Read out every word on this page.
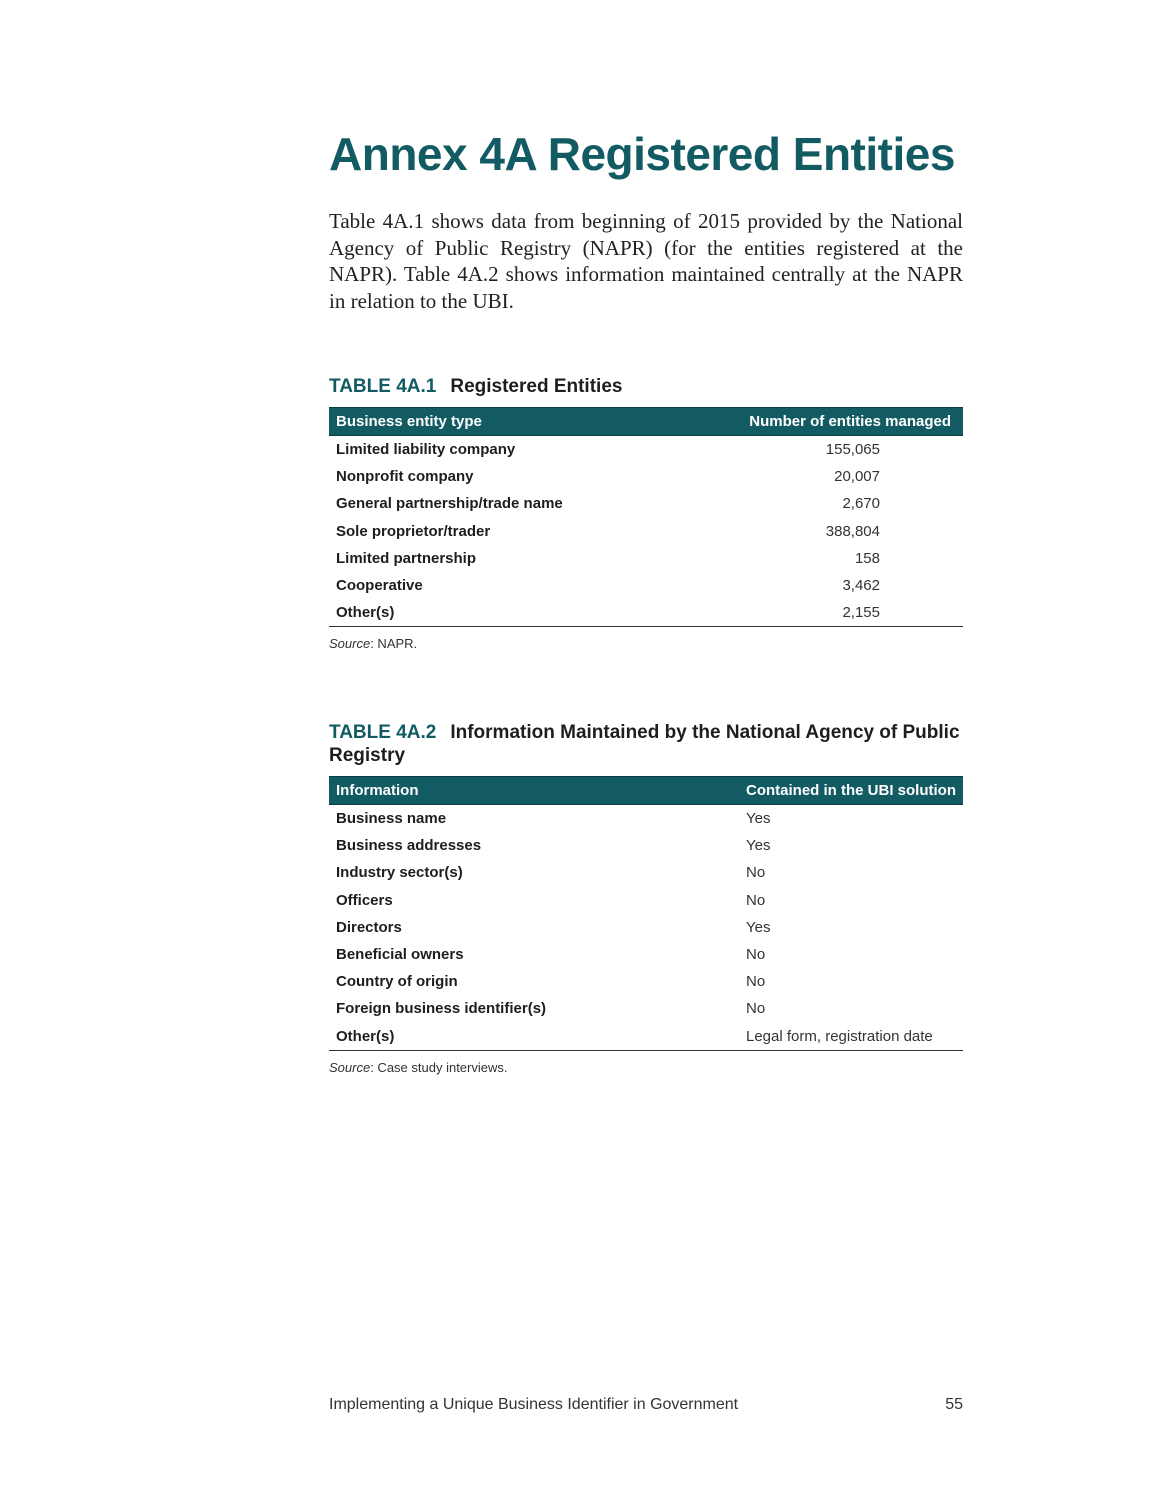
Annex 4A Registered Entities

Table 4A.1 shows data from beginning of 2015 provided by the National Agency of Public Registry (NAPR) (for the entities registered at the NAPR). Table 4A.2 shows information maintained centrally at the NAPR in relation to the UBI.

TABLE 4A.1 Registered Entities

Business entity type	Number of entities managed
Limited liability company	155,065
Nonprofit company	20,007
General partnership/trade name	2,670
Sole proprietor/trader	388,804
Limited partnership	158
Cooperative	3,462
Other(s)	2,155

Source: NAPR.

TABLE 4A.2 Information Maintained by the National Agency of Public Registry

Information	Contained in the UBI solution
Business name	Yes
Business addresses	Yes
Industry sector(s)	No
Officers	No
Directors	Yes
Beneficial owners	No
Country of origin	No
Foreign business identifier(s)	No
Other(s)	Legal form, registration date

Source: Case study interviews.

Implementing a Unique Business Identifier in Government	55
